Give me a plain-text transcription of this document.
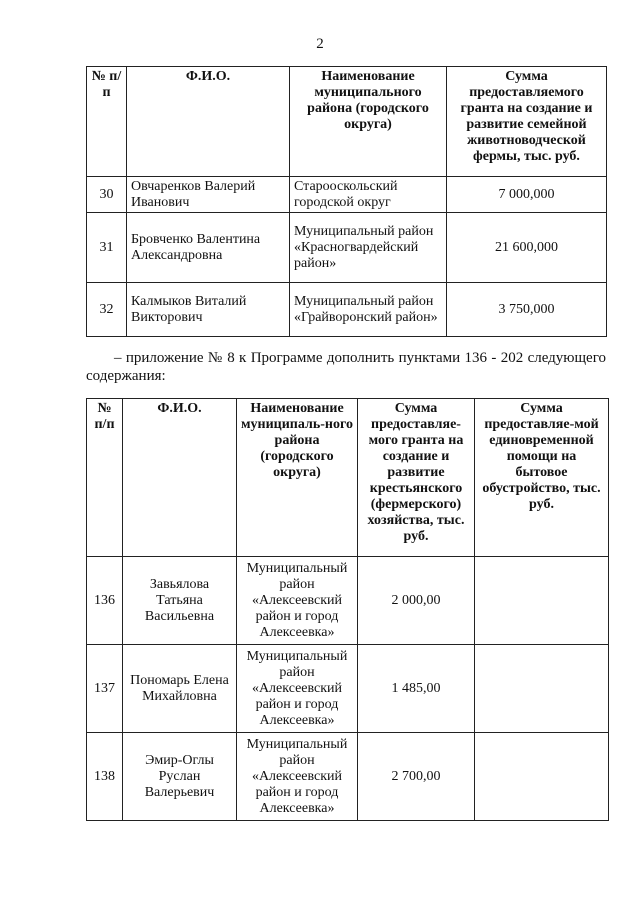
2
№ п/п	Ф.И.О.	Наименование муниципального района (городского округа)	Сумма предоставляемого гранта на создание и развитие семейной животноводческой фермы, тыс. руб.
30	Овчаренков Валерий Иванович	Старооскольский городской округ	7 000,000
31	Бровченко Валентина Александровна	Муниципальный район «Красногвардейский район»	21 600,000
32	Калмыков Виталий Викторович	Муниципальный район «Грайворонский район»	3 750,000
– приложение № 8 к Программе дополнить пунктами 136 - 202 следующего содержания:
№ п/п	Ф.И.О.	Наименование муниципаль-ного района (городского округа)	Сумма предоставляе-мого гранта на создание и развитие крестьянского (фермерского) хозяйства, тыс. руб.	Сумма предоставляе-мой единовременной помощи на бытовое обустройство, тыс. руб.
136	Завьялова Татьяна Васильевна	Муниципальный район «Алексеевский район и город Алексеевка»	2 000,00	
137	Пономарь Елена Михайловна	Муниципальный район «Алексеевский район и город Алексеевка»	1 485,00	
138	Эмир-Оглы Руслан Валерьевич	Муниципальный район «Алексеевский район и город Алексеевка»	2 700,00	
